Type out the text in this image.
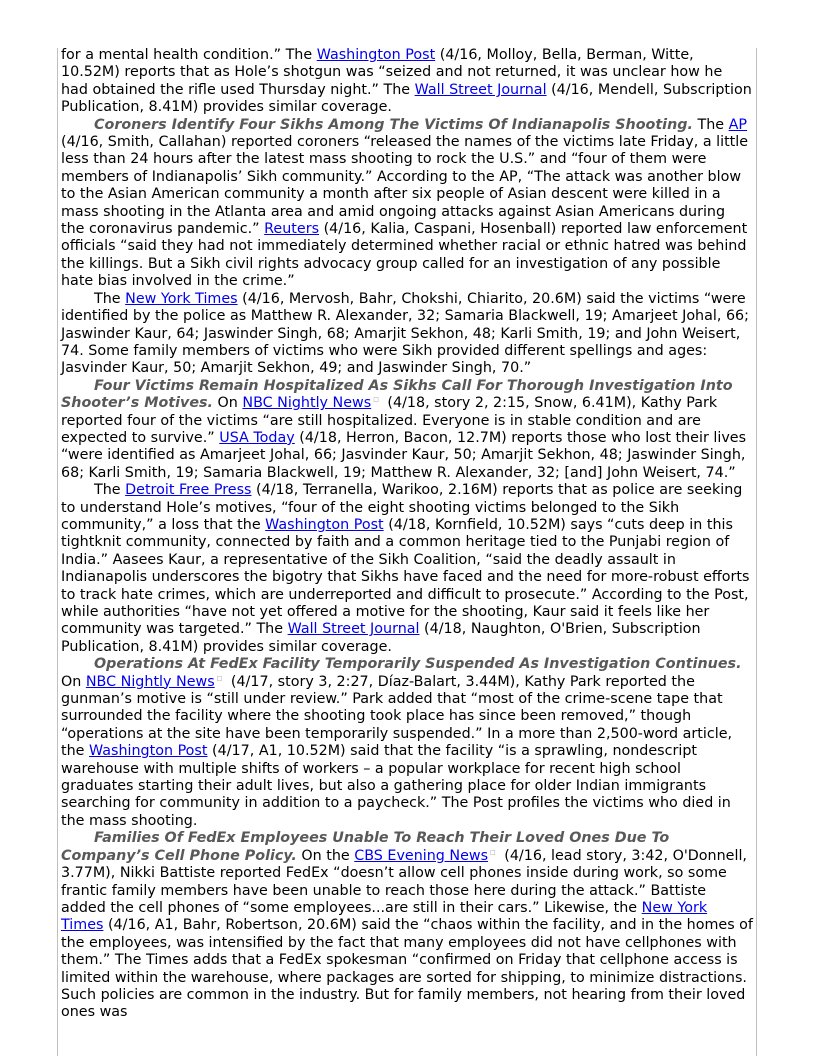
for a mental health condition.” The Washington Post (4/16, Molloy, Bella, Berman, Witte, 10.52M) reports that as Hole’s shotgun was “seized and not returned, it was unclear how he had obtained the rifle used Thursday night.” The Wall Street Journal (4/16, Mendell, Subscription Publication, 8.41M) provides similar coverage.

Coroners Identify Four Sikhs Among The Victims Of Indianapolis Shooting. The AP (4/16, Smith, Callahan) reported coroners “released the names of the victims late Friday, a little less than 24 hours after the latest mass shooting to rock the U.S.” and “four of them were members of Indianapolis’ Sikh community.” According to the AP, “The attack was another blow to the Asian American community a month after six people of Asian descent were killed in a mass shooting in the Atlanta area and amid ongoing attacks against Asian Americans during the coronavirus pandemic.” Reuters (4/16, Kalia, Caspani, Hosenball) reported law enforcement officials “said they had not immediately determined whether racial or ethnic hatred was behind the killings. But a Sikh civil rights advocacy group called for an investigation of any possible hate bias involved in the crime.”

The New York Times (4/16, Mervosh, Bahr, Chokshi, Chiarito, 20.6M) said the victims “were identified by the police as Matthew R. Alexander, 32; Samaria Blackwell, 19; Amarjeet Johal, 66; Jaswinder Kaur, 64; Jaswinder Singh, 68; Amarjit Sekhon, 48; Karli Smith, 19; and John Weisert, 74. Some family members of victims who were Sikh provided different spellings and ages: Jasvinder Kaur, 50; Amarjit Sekhon, 49; and Jaswinder Singh, 70.”

Four Victims Remain Hospitalized As Sikhs Call For Thorough Investigation Into Shooter’s Motives. On NBC Nightly News □ (4/18, story 2, 2:15, Snow, 6.41M), Kathy Park reported four of the victims “are still hospitalized. Everyone is in stable condition and are expected to survive.” USA Today (4/18, Herron, Bacon, 12.7M) reports those who lost their lives “were identified as Amarjeet Johal, 66; Jasvinder Kaur, 50; Amarjit Sekhon, 48; Jaswinder Singh, 68; Karli Smith, 19; Samaria Blackwell, 19; Matthew R. Alexander, 32; [and] John Weisert, 74.”

The Detroit Free Press (4/18, Terranella, Warikoo, 2.16M) reports that as police are seeking to understand Hole’s motives, “four of the eight shooting victims belonged to the Sikh community,” a loss that the Washington Post (4/18, Kornfield, 10.52M) says “cuts deep in this tightknit community, connected by faith and a common heritage tied to the Punjabi region of India.” Aasees Kaur, a representative of the Sikh Coalition, “said the deadly assault in Indianapolis underscores the bigotry that Sikhs have faced and the need for more-robust efforts to track hate crimes, which are underreported and difficult to prosecute.” According to the Post, while authorities “have not yet offered a motive for the shooting, Kaur said it feels like her community was targeted.” The Wall Street Journal (4/18, Naughton, O'Brien, Subscription Publication, 8.41M) provides similar coverage.

Operations At FedEx Facility Temporarily Suspended As Investigation Continues. On NBC Nightly News □ (4/17, story 3, 2:27, Díaz-Balart, 3.44M), Kathy Park reported the gunman’s motive is “still under review.” Park added that “most of the crime-scene tape that surrounded the facility where the shooting took place has since been removed,” though “operations at the site have been temporarily suspended.” In a more than 2,500-word article, the Washington Post (4/17, A1, 10.52M) said that the facility “is a sprawling, nondescript warehouse with multiple shifts of workers – a popular workplace for recent high school graduates starting their adult lives, but also a gathering place for older Indian immigrants searching for community in addition to a paycheck.” The Post profiles the victims who died in the mass shooting.

Families Of FedEx Employees Unable To Reach Their Loved Ones Due To Company’s Cell Phone Policy. On the CBS Evening News □ (4/16, lead story, 3:42, O'Donnell, 3.77M), Nikki Battiste reported FedEx “doesn’t allow cell phones inside during work, so some frantic family members have been unable to reach those here during the attack.” Battiste added the cell phones of “some employees...are still in their cars.” Likewise, the New York Times (4/16, A1, Bahr, Robertson, 20.6M) said the “chaos within the facility, and in the homes of the employees, was intensified by the fact that many employees did not have cellphones with them.” The Times adds that a FedEx spokesman “confirmed on Friday that cellphone access is limited within the warehouse, where packages are sorted for shipping, to minimize distractions. Such policies are common in the industry. But for family members, not hearing from their loved ones was
